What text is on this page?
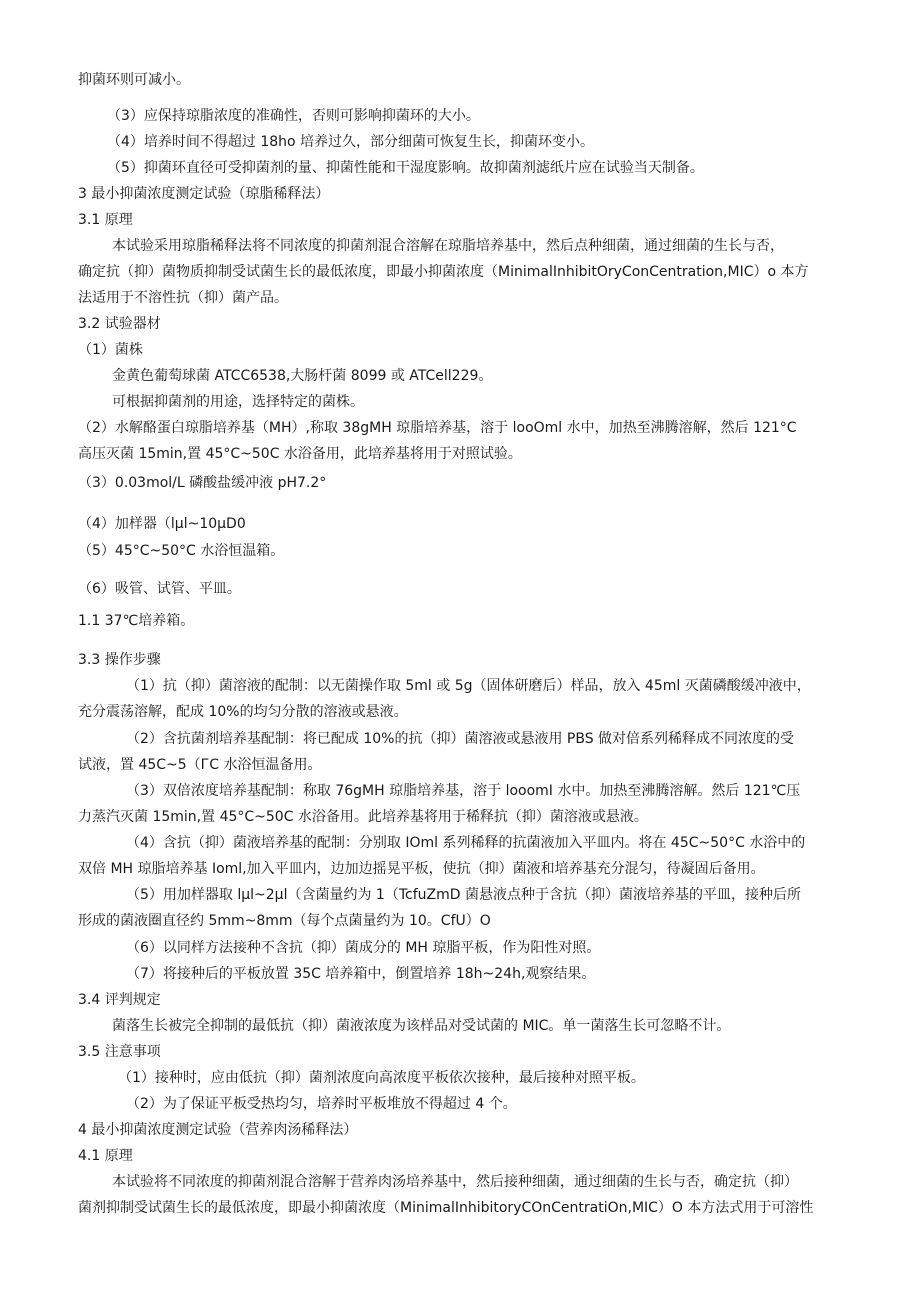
抑菌环则可减小。
（3）应保持琼脂浓度的准确性，否则可影响抑菌环的大小。
（4）培养时间不得超过 18ho 培养过久，部分细菌可恢复生长，抑菌环变小。
（5）抑菌环直径可受抑菌剂的量、抑菌性能和干湿度影响。故抑菌剂滤纸片应在试验当天制备。
3 最小抑菌浓度测定试验（琼脂稀释法）
3.1 原理
本试验采用琼脂稀释法将不同浓度的抑菌剂混合溶解在琼脂培养基中，然后点种细菌，通过细菌的生长与否，
确定抗（抑）菌物质抑制受试菌生长的最低浓度，即最小抑菌浓度（MinimalInhibitOryConCentration,MIC）o 本方
法适用于不溶性抗（抑）菌产品。
3.2 试验器材
（1）菌株
金黄色葡萄球菌 ATCC6538,大肠杆菌 8099 或 ATCell229。
可根据抑菌剂的用途，选择特定的菌株。
（2）水解酪蛋白琼脂培养基（MH）,称取 38gMH 琼脂培养基，溶于 looOml 水中，加热至沸腾溶解，然后 121°C
高压灭菌 15min,置 45°C~50C 水浴备用，此培养基将用于对照试验。
（3）0.03mol/L 磷酸盐缓冲液 pH7.2°
（4）加样器（lμl~10μD0
（5）45°C~50°C 水浴恒温箱。
（6）吸管、试管、平皿。
1.1 37℃培养箱。
3.3 操作步骤
（1）抗（抑）菌溶液的配制：以无菌操作取 5ml 或 5g（固体研磨后）样品，放入 45ml 灭菌磷酸缓冲液中，
充分震荡溶解，配成 10%的均匀分散的溶液或悬液。
（2）含抗菌剂培养基配制：将已配成 10%的抗（抑）菌溶液或悬液用 PBS 做对倍系列稀释成不同浓度的受
试液，置 45C~5（ГC 水浴恒温备用。
（3）双倍浓度培养基配制：称取 76gMH 琼脂培养基，溶于 looomI 水中。加热至沸腾溶解。然后 121℃压
力蒸汽灭菌 15min,置 45°C~50C 水浴备用。此培养基将用于稀释抗（抑）菌溶液或悬液。
（4）含抗（抑）菌液培养基的配制：分别取 IOml 系列稀释的抗菌液加入平皿内。将在 45C~50°C 水浴中的
双倍 MH 琼脂培养基 Ioml,加入平皿内，边加边摇晃平板，使抗（抑）菌液和培养基充分混匀，待凝固后备用。
（5）用加样器取 lμl~2μl（含菌量约为 1（TcfuZmD 菌悬液点种于含抗（抑）菌液培养基的平皿，接种后所
形成的菌液圈直径约 5mm~8mm（每个点菌量约为 10。CfU）O
（6）以同样方法接种不含抗（抑）菌成分的 MH 琼脂平板，作为阳性对照。
（7）将接种后的平板放置 35C 培养箱中，倒置培养 18h~24h,观察结果。
3.4 评判规定
菌落生长被完全抑制的最低抗（抑）菌液浓度为该样品对受试菌的 MIC。单一菌落生长可忽略不计。
3.5 注意事项
（1）接种时，应由低抗（抑）菌剂浓度向高浓度平板依次接种，最后接种对照平板。
（2）为了保证平板受热均匀，培养时平板堆放不得超过 4 个。
4 最小抑菌浓度测定试验（营养肉汤稀释法）
4.1 原理
本试验将不同浓度的抑菌剂混合溶解于营养肉汤培养基中，然后接种细菌，通过细菌的生长与否，确定抗（抑）
菌剂抑制受试菌生长的最低浓度，即最小抑菌浓度（MinimalInhibitoryCOnCentratiOn,MIC）O 本方法式用于可溶性
